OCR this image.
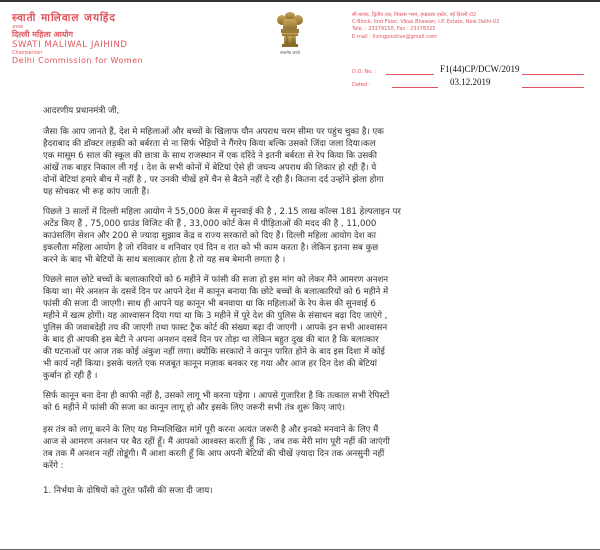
स्वाती मालिवाल जयहिंद
अध्यक्ष
दिल्ली महिला आयोग
SWATI MALIWAL JAIHIND
Chairperson
Delhi Commission for Women
सत्यमेव जयते
सी-ब्लाक, द्वितीय तल, विकास भवन, इन्द्रप्रस्थ एस्टेट, नई दिल्ली–02
C-Block, IInd Floor, Vikas Bhawan, I.P. Estate, New Delhi-02
Tele. : 23379150, Fax : 23378325
E-mail : livingpositive@gmail.com
D.O. No. :	F1(44)CP/DCW/2019
Dated :	03.12.2019
आदरणीय प्रधानमंत्री जी,
जैसा कि आप जानते हैं, देश मे महिलाओं और बच्चों के खिलाफ यौन अपराध चरम सीमा पर पहुंच चुका है। एक
हैदराबाद की डॉक्टर लड़की को बर्बरता से ना सिर्फ भेड़ियों ने गैंगरेप किया बल्कि उसको जिंदा जला दिया।कल
एक मासूम 6 साल की स्कूल की छात्रा के साथ राजस्थान में एक दरिंदे ने इतनी बर्बरता से रेप किया कि उसकी
आंखें तक बाहर निकाल ली गई । देश के सभी कोनों में बेटियां ऐसे ही जघन्य अपराध की शिकार हो रही हैं। ये
दोनों बेटियां हमारे बीच में नहीं है , पर उनकी चीखें हमें चैन से बैठने नहीं दे रही हैं। कितना दर्द उन्होंने झेला होगा
यह सोचकर भी रूह कांप जाती हैं।
पिछले 3 सालों में दिल्ली महिला आयोग ने 55,000 केस में सुनवाई की है , 2.15 लाख कॉल्स 181 हेल्पलाइन पर
अटेंड किए हैं , 75,000 ग्राउंड विजिट की हैं , 33,000 कोर्ट केस में पीड़िताओं की मदद की है , 11,000
काउंसलिंग सेशन और 200 से ज्यादा सुझाव केंद्र व राज्य सरकारों को दिए हैं। दिल्ली महिला आयोग देश का
इकलौता महिला आयोग है जो रविवार व शनिवार एवं दिन व रात को भी काम करता है। लेकिन इतना सब कुछ
करने के बाद भी बेटियों के साथ बलात्कार होता है तो यह सब बेमानी लगता है ।
पिछले साल छोटे बच्चों के बलात्कारियों को 6 महीने में फांसी की सजा हो इस मांग को लेकर मैंने आमरण अनशन
किया था। मेरे अनशन के दसवें दिन पर आपने देश में कानून बनाया कि छोटे बच्चों के बलात्कारियों को 6 महीने में
फांसी की सजा दी जाएगी। साथ ही आपने यह कानून भी बनवाया था कि महिलाओं के रेप केस की सुनवाई 6
महीने में खत्म होगी। यह आश्वासन दिया गया था कि 3 महीने में पूरे देश की पुलिस के संसाधन बढ़ा दिए जाएंगे ,
पुलिस की जवाबदेही तय की जाएगी तथा फास्ट ट्रैक कोर्ट की संख्या बढ़ा दी जाएगी । आपके इन सभी आश्वासन
के बाद ही आपकी इस बेटी ने अपना अनशन दसवें दिन पर तोड़ा था लेकिन बहुत दुख की बात है कि बलात्कार
की घटनाओं पर आज तक कोई अंकुश नहीं लगा। क्योंकि सरकारों ने कानून पारित होने के बाद इस दिशा में कोई
भी कार्य नहीं किया। इसके चलते एक मजबूत कानून मज़ाक बनकर रह गया और आज हर दिन देश की बेटियां
कुर्बान हो रही हैं ।
सिर्फ कानून बना देना ही काफी नहीं है, उसको लागू भी करना पड़ेगा । आपसे गुजारिश है कि तत्काल सभी रेपिस्टों
को 6 महीने में फांसी की सजा का कानून लागू हो और इसके लिए जरूरी सभी तंत्र शुरू किए जाएं।
इस तंत्र को लागू करने के लिए यह निम्नलिखित मांगें पूरी करना अत्यंत जरूरी है और इनको मनवाने के लिए मैं
आज से आमरण अनशन पर बैठ रहीं हूँ। मैं आपको आश्वस्त करती हूँ कि , जब तक मेरी मांग पूरी नहीं की जाएंगी
तब तक मैं अनशन नहीं तोडूंगी। मैं आशा करती हूँ कि आप अपनी बेटियों की चीखें ज़्यादा दिन तक अनसुनी नहीं
करेंगे :
1. निर्भया के दोषियों को तुरंत फाँसी की सजा दी जाय।
